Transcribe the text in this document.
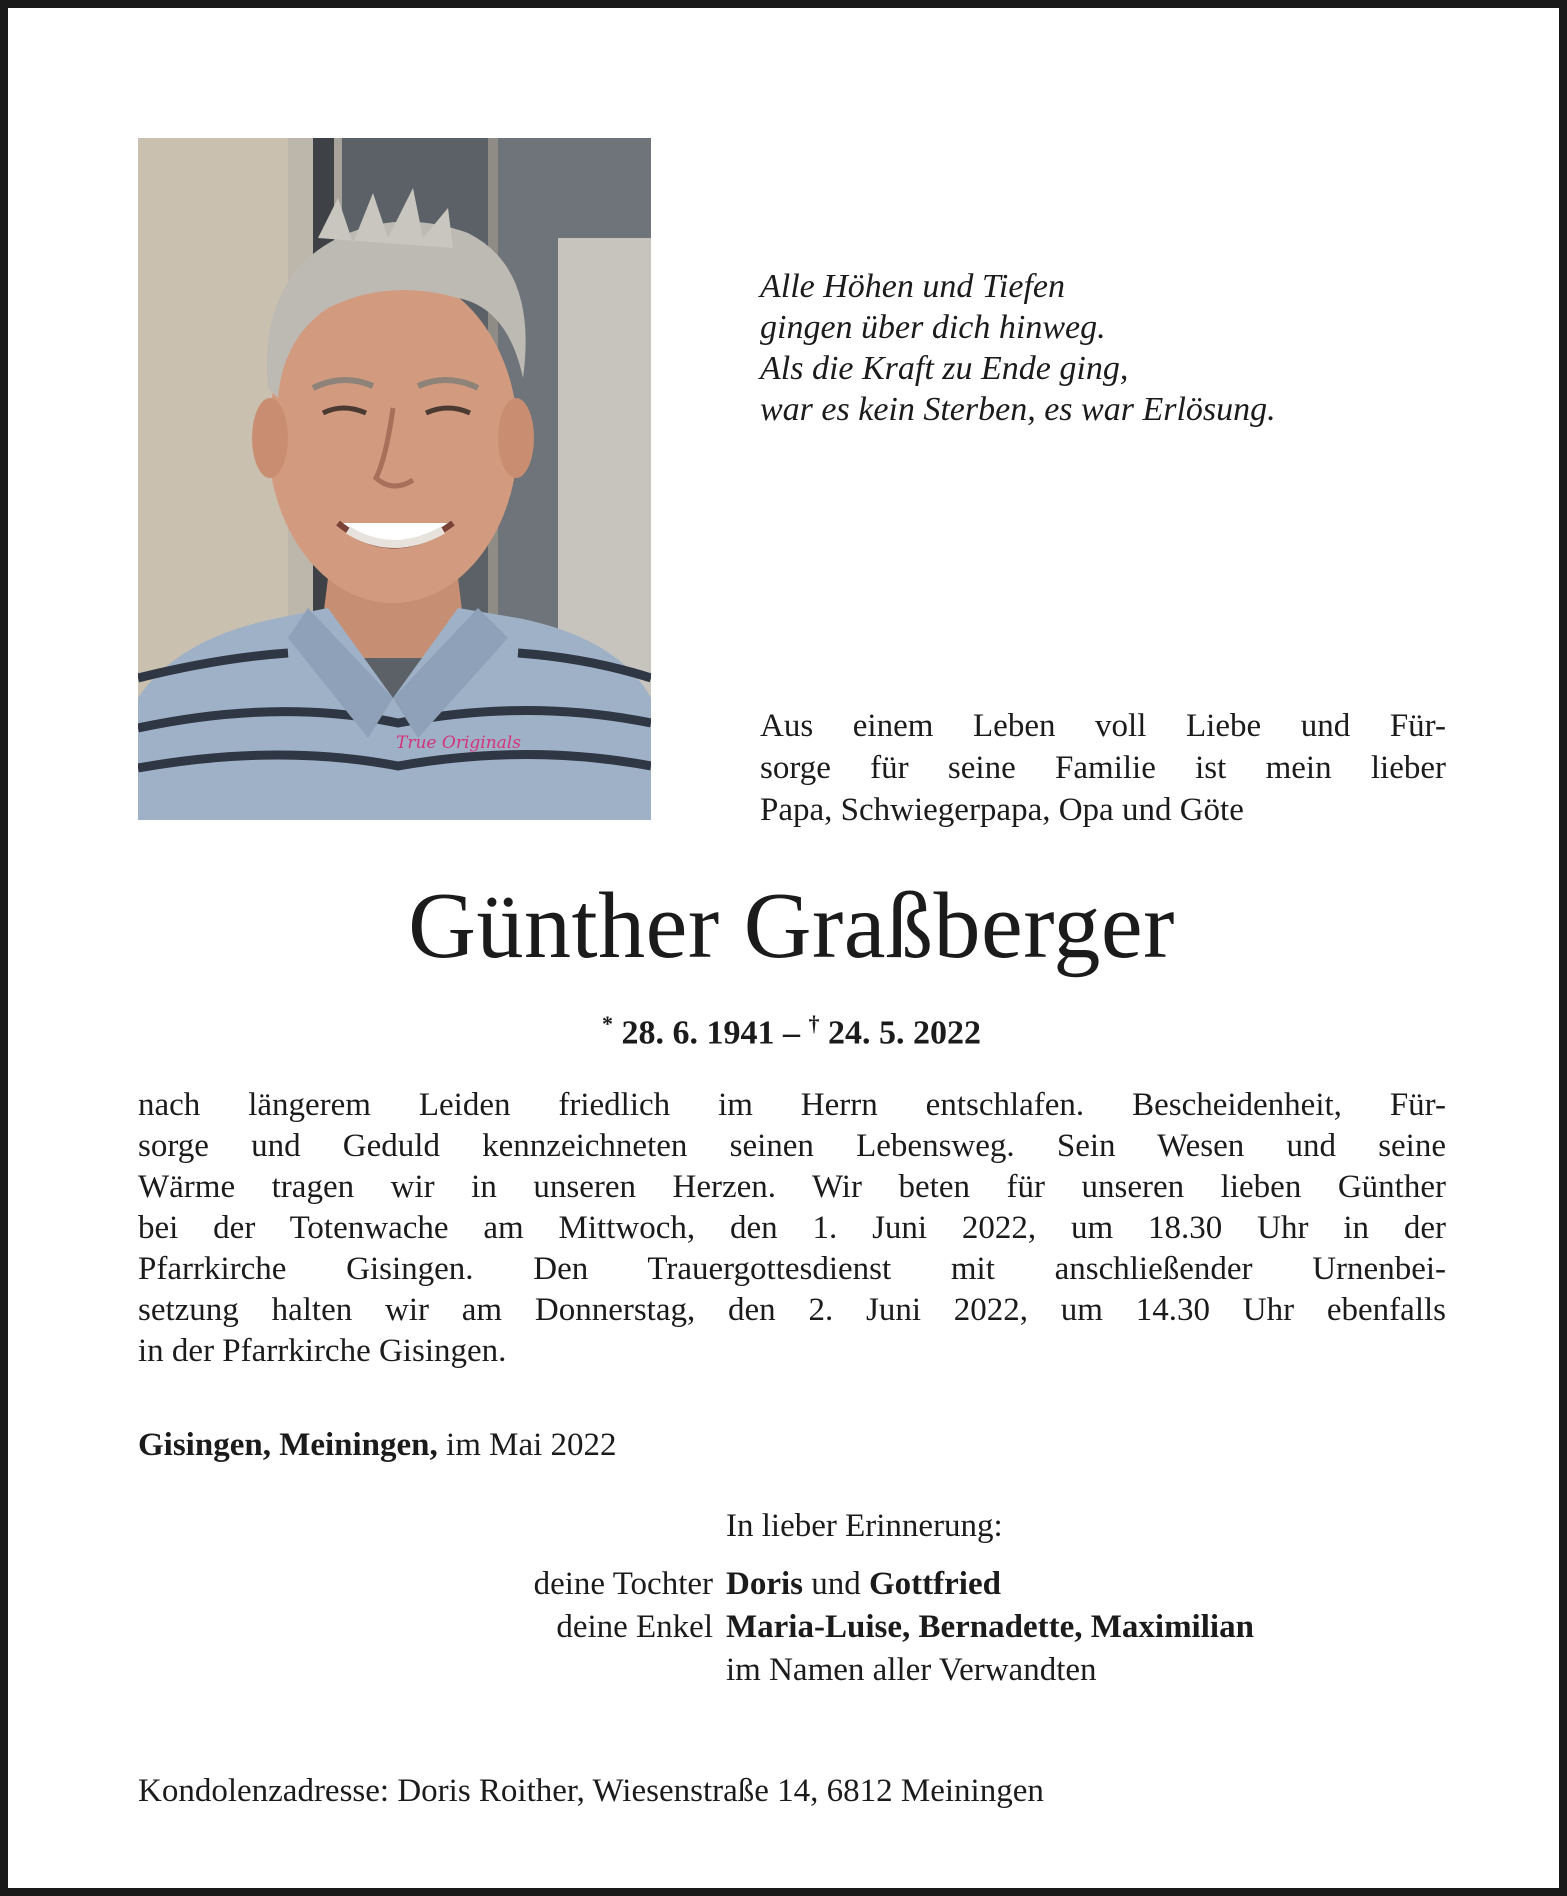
True Originals
Alle Höhen und Tiefen
gingen über dich hinweg.
Als die Kraft zu Ende ging,
war es kein Sterben, es war Erlösung.
Aus einem Leben voll Liebe und Für-
sorge für seine Familie ist mein lieber
Papa, Schwiegerpapa, Opa und Göte
Günther Graßberger
* 28. 6. 1941 – † 24. 5. 2022
nach längerem Leiden friedlich im Herrn entschlafen. Bescheidenheit, Für-
sorge und Geduld kennzeichneten seinen Lebensweg. Sein Wesen und seine
Wärme tragen wir in unseren Herzen. Wir beten für unseren lieben Günther
bei der Totenwache am Mittwoch, den 1. Juni 2022, um 18.30 Uhr in der
Pfarrkirche Gisingen. Den Trauergottesdienst mit anschließender Urnenbei-
setzung halten wir am Donnerstag, den 2. Juni 2022, um 14.30 Uhr ebenfalls
in der Pfarrkirche Gisingen.
Gisingen, Meiningen, im Mai 2022
In lieber Erinnerung:
deine Tochter Doris und Gottfried
deine Enkel Maria-Luise, Bernadette, Maximilian
im Namen aller Verwandten
Kondolenzadresse: Doris Roither, Wiesenstraße 14, 6812 Meiningen
